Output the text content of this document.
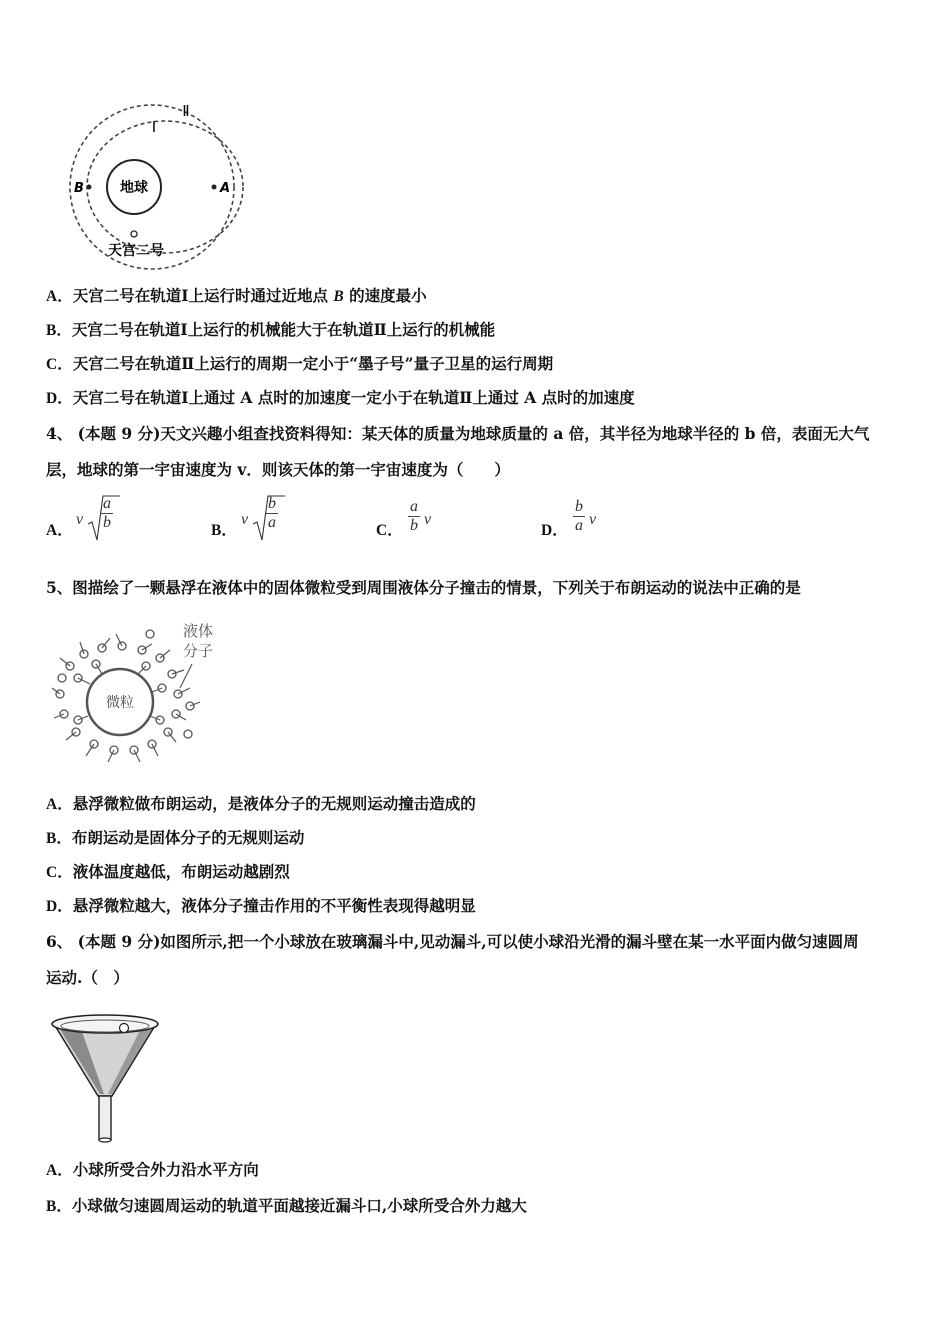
地球
Ⅰ
Ⅱ
B	A
天宫二号
A．天宫二号在轨道Ⅰ上运行时通过近地点 B 的速度最小
B．天宫二号在轨道Ⅰ上运行的机械能大于在轨道Ⅱ上运行的机械能
C．天宫二号在轨道Ⅱ上运行的周期一定小于“墨子号”量子卫星的运行周期
D．天宫二号在轨道Ⅰ上通过 A 点时的加速度一定小于在轨道Ⅱ上通过 A 点时的加速度
4、 (本题 9 分)天文兴趣小组查找资料得知：某天体的质量为地球质量的 a 倍，其半径为地球半径的 b 倍，表面无大气
层，地球的第一宇宙速度为 v．则该天体的第一宇宙速度为（　　）
A．
v $\frac{a}{b}$	B．
v $\frac{b}{a}$	C． $\frac{a}{b}$ v
D． $\frac{b}{a}$ v
5、图描绘了一颗悬浮在液体中的固体微粒受到周围液体分子撞击的情景，下列关于布朗运动的说法中正确的是
微粒
液体
分子
A．悬浮微粒做布朗运动，是液体分子的无规则运动撞击造成的
B．布朗运动是固体分子的无规则运动
C．液体温度越低，布朗运动越剧烈
D．悬浮微粒越大，液体分子撞击作用的不平衡性表现得越明显
6、 (本题 9 分)如图所示,把一个小球放在玻璃漏斗中,见动漏斗,可以使小球沿光滑的漏斗壁在某一水平面内做匀速圆周
运动.（　）
A．小球所受合外力沿水平方向
B．小球做匀速圆周运动的轨道平面越接近漏斗口,小球所受合外力越大
